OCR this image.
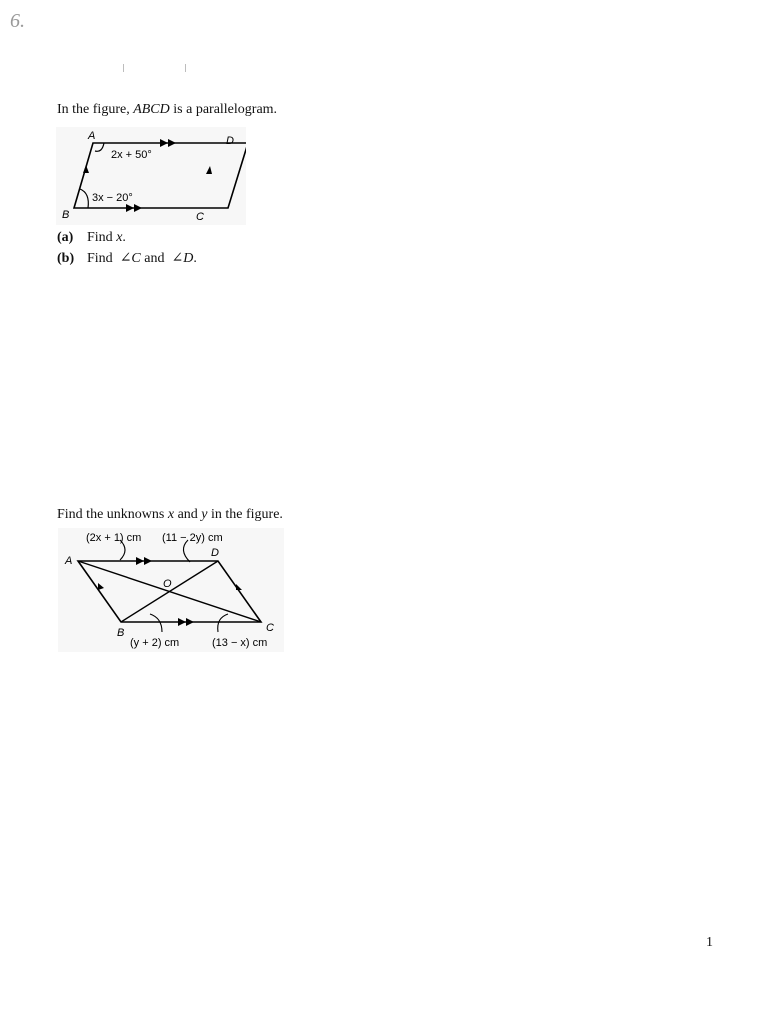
6.
In the figure, ABCD is a parallelogram.
A	D
B	C
2x + 50°
3x − 20°
(a) Find x.
(b) Find  ∠C and  ∠D.
Find the unknowns x and y in the figure.
A
D
C
B
O
(2x + 1) cm (11 − 2y) cm
(y + 2) cm	(13 − x) cm
1
